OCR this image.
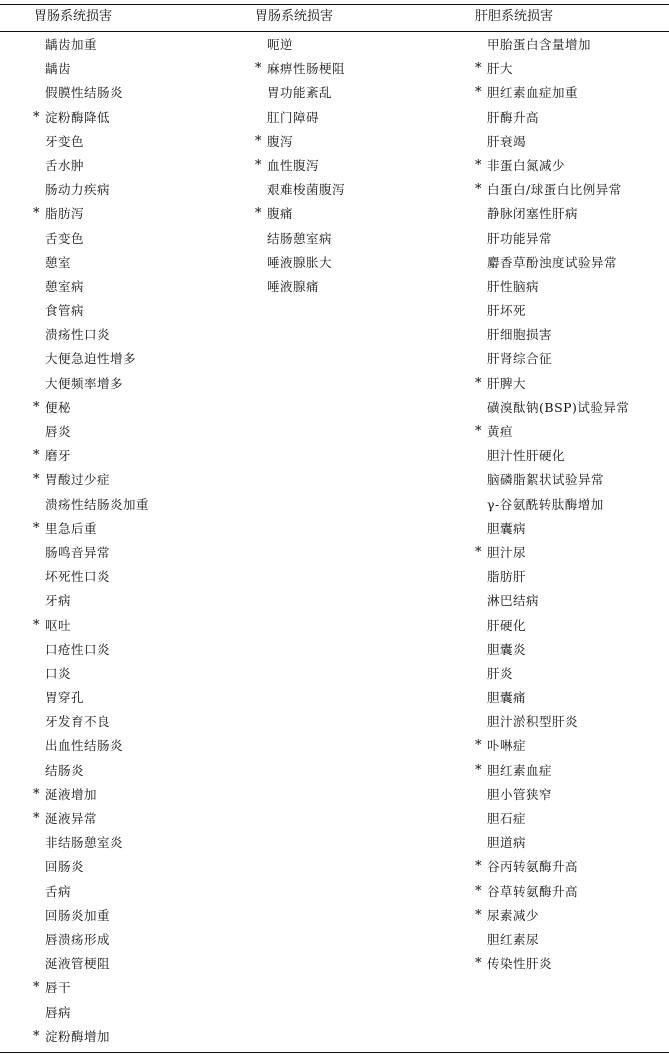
胃肠系统损害	胃肠系统损害	肝胆系统损害
龋齿加重
龋齿
假膜性结肠炎
* 淀粉酶降低
牙变色
舌水肿
肠动力疾病
* 脂肪泻
舌变色
憩室
憩室病
食管病
溃疡性口炎
大便急迫性增多
大便频率增多
* 便秘
唇炎
* 磨牙
* 胃酸过少症
溃疡性结肠炎加重
* 里急后重
肠鸣音异常
坏死性口炎
牙病
* 呕吐
口疮性口炎
口炎
胃穿孔
牙发育不良
出血性结肠炎
结肠炎
* 涎液增加
* 涎液异常
非结肠憩室炎
回肠炎
舌病
回肠炎加重
唇溃疡形成
涎液管梗阻
* 唇干
唇病
* 淀粉酶增加
呃逆
* 麻痹性肠梗阻
胃功能紊乱
肛门障碍
* 腹泻
* 血性腹泻
艰难梭菌腹泻
* 腹痛
结肠憩室病
唾液腺胀大
唾液腺痛
甲胎蛋白含量增加
* 肝大
* 胆红素血症加重
肝酶升高
肝衰竭
* 非蛋白氮减少
* 白蛋白/球蛋白比例异常
静脉闭塞性肝病
肝功能异常
麝香草酚浊度试验异常
肝性脑病
肝坏死
肝细胞损害
肝肾综合征
* 肝脾大
磺溴酞钠(BSP)试验异常
* 黄疸
胆汁性肝硬化
脑磷脂絮状试验异常
γ-谷氨酰转肽酶增加
胆囊病
* 胆汁尿
脂肪肝
淋巴结病
肝硬化
胆囊炎
肝炎
胆囊痛
胆汁淤积型肝炎
* 卟啉症
* 胆红素血症
胆小管狭窄
胆石症
胆道病
* 谷丙转氨酶升高
* 谷草转氨酶升高
* 尿素减少
胆红素尿
* 传染性肝炎
